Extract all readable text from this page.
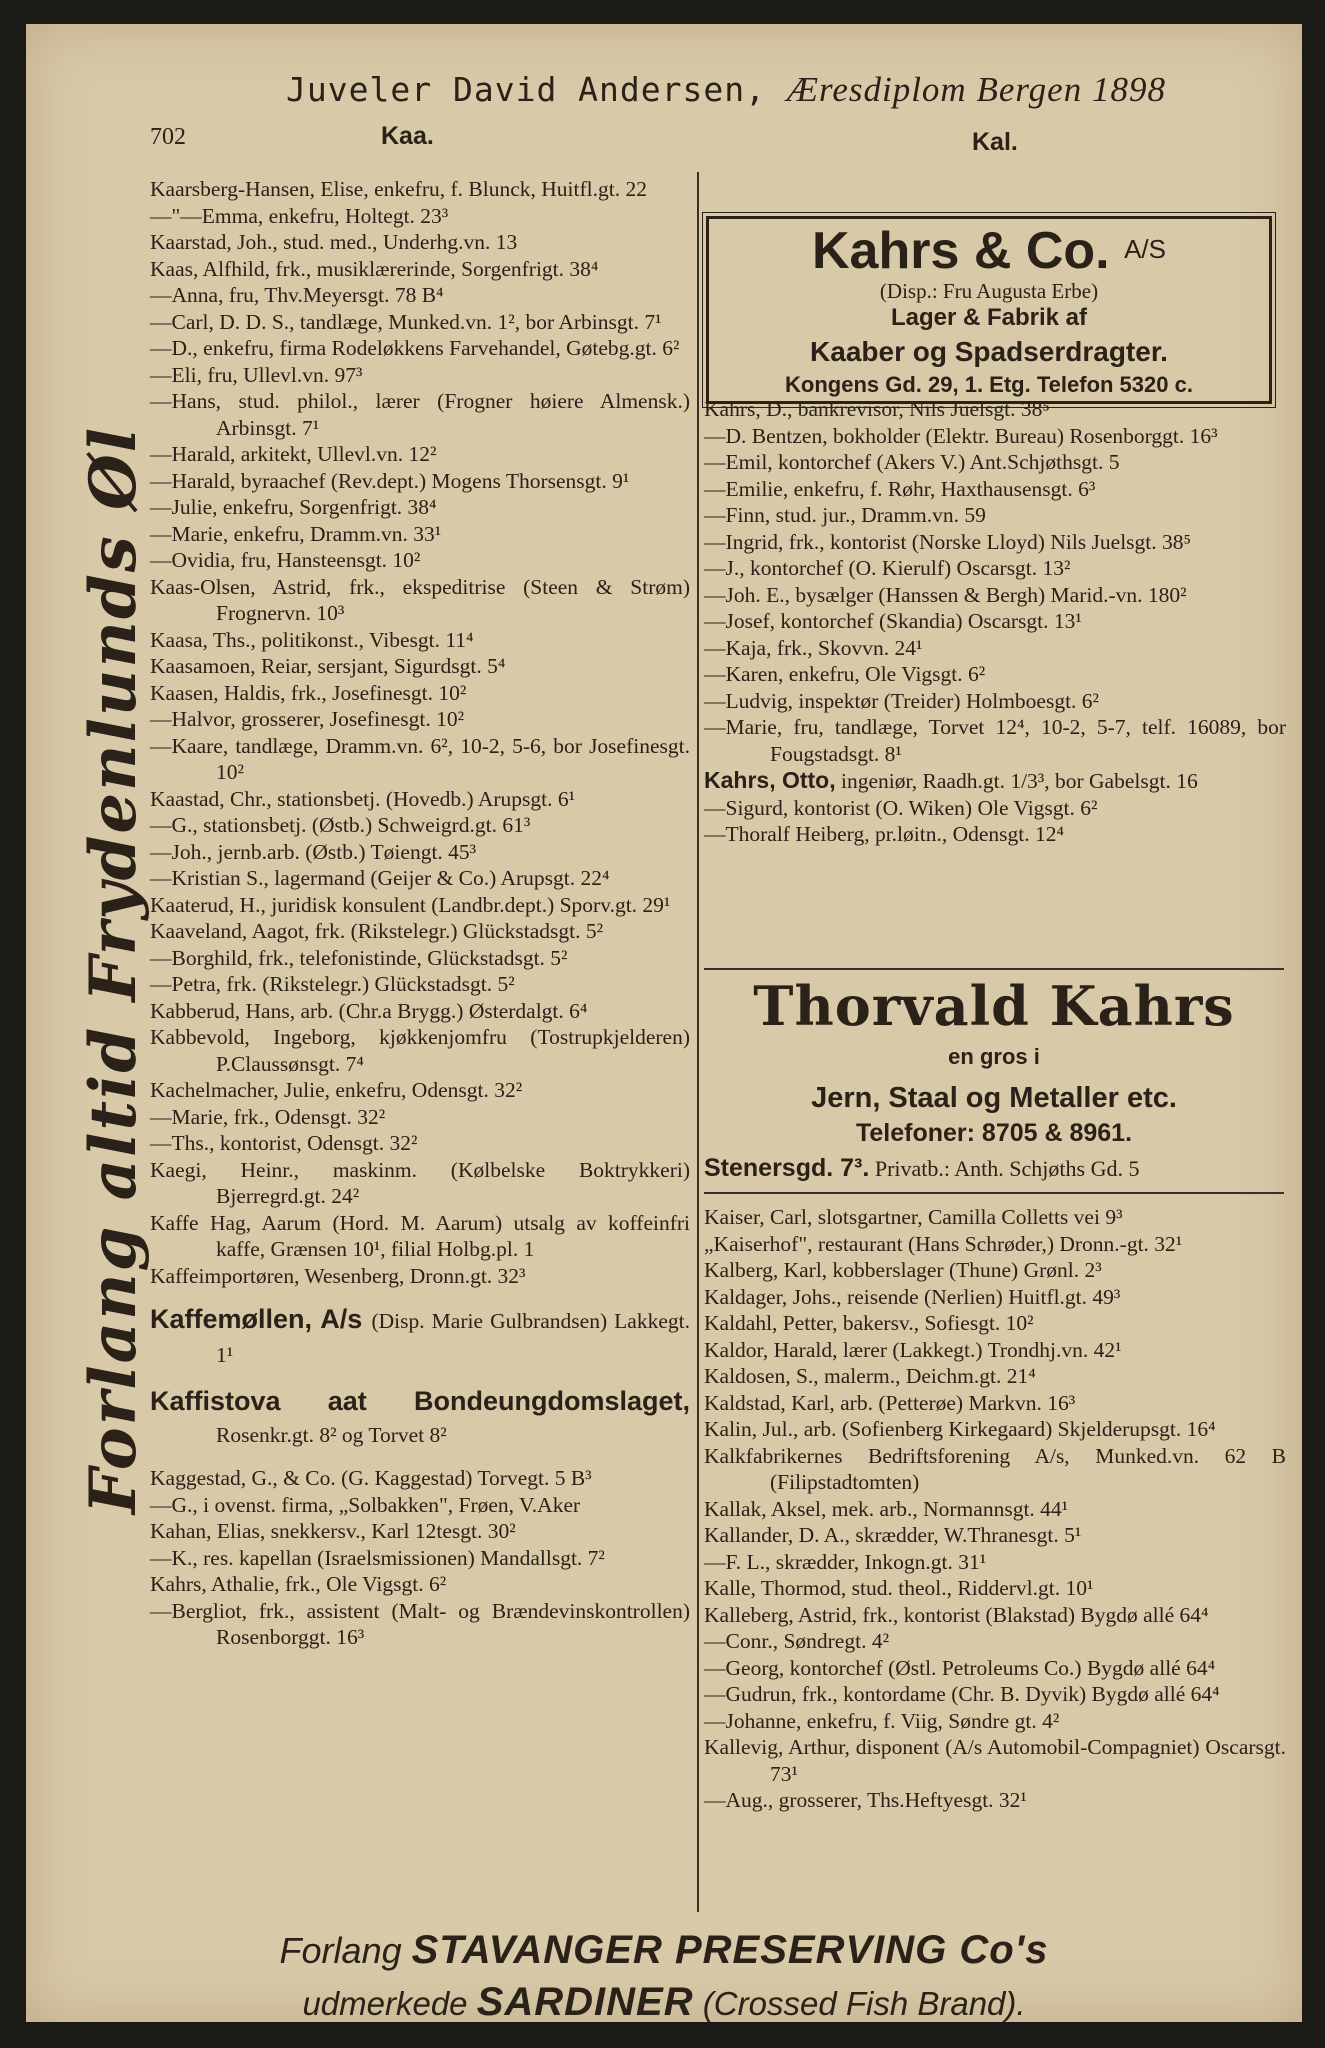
Juveler David Andersen, Æresdiplom Bergen 1898
702	Kaa.	Kal.
Forlang altid Frydenlunds Øl
Kaarsberg-Hansen, Elise, enkefru, f. Blunck, Huitfl.gt. 22
—"—Emma, enkefru, Holtegt. 23³
Kaarstad, Joh., stud. med., Underhg.vn. 13
Kaas, Alfhild, frk., musiklærerinde, Sorgenfrigt. 38⁴
—Anna, fru, Thv.Meyersgt. 78 B⁴
—Carl, D. D. S., tandlæge, Munked.vn. 1², bor Arbinsgt. 7¹
—D., enkefru, firma Rodeløkkens Farvehandel, Gøtebg.gt. 6²
—Eli, fru, Ullevl.vn. 97³
—Hans, stud. philol., lærer (Frogner høiere Almensk.) Arbinsgt. 7¹
—Harald, arkitekt, Ullevl.vn. 12²
—Harald, byraachef (Rev.dept.) Mogens Thorsensgt. 9¹
—Julie, enkefru, Sorgenfrigt. 38⁴
—Marie, enkefru, Dramm.vn. 33¹
—Ovidia, fru, Hansteensgt. 10²
Kaas-Olsen, Astrid, frk., ekspeditrise (Steen & Strøm) Frognervn. 10³
Kaasa, Ths., politikonst., Vibesgt. 11⁴
Kaasamoen, Reiar, sersjant, Sigurdsgt. 5⁴
Kaasen, Haldis, frk., Josefinesgt. 10²
—Halvor, grosserer, Josefinesgt. 10²
—Kaare, tandlæge, Dramm.vn. 6², 10-2, 5-6, bor Josefinesgt. 10²
Kaastad, Chr., stationsbetj. (Hovedb.) Arupsgt. 6¹
—G., stationsbetj. (Østb.) Schweigrd.gt. 61³
—Joh., jernb.arb. (Østb.) Tøiengt. 45³
—Kristian S., lagermand (Geijer & Co.) Arupsgt. 22⁴
Kaaterud, H., juridisk konsulent (Landbr.dept.) Sporv.gt. 29¹
Kaaveland, Aagot, frk. (Rikstelegr.) Glückstadsgt. 5²
—Borghild, frk., telefonistinde, Glückstadsgt. 5²
—Petra, frk. (Rikstelegr.) Glückstadsgt. 5²
Kabberud, Hans, arb. (Chr.a Brygg.) Østerdalgt. 6⁴
Kabbevold, Ingeborg, kjøkkenjomfru (Tostrupkjelderen) P.Claussønsgt. 7⁴
Kachelmacher, Julie, enkefru, Odensgt. 32²
—Marie, frk., Odensgt. 32²
—Ths., kontorist, Odensgt. 32²
Kaegi, Heinr., maskinm. (Kølbelske Boktrykkeri) Bjerregrd.gt. 24²
Kaffe Hag, Aarum (Hord. M. Aarum) utsalg av koffeinfri kaffe, Grænsen 10¹, filial Holbg.pl. 1
Kaffeimportøren, Wesenberg, Dronn.gt. 32³
Kaffemøllen, A/s (Disp. Marie Gulbrandsen) Lakkegt. 1¹
Kaffistova aat Bondeungdomslaget, Rosenkr.gt. 8² og Torvet 8²
Kaggestad, G., & Co. (G. Kaggestad) Torvegt. 5 B³
—G., i ovenst. firma, „Solbakken", Frøen, V.Aker
Kahan, Elias, snekkersv., Karl 12tesgt. 30²
—K., res. kapellan (Israelsmissionen) Mandallsgt. 7²
Kahrs, Athalie, frk., Ole Vigsgt. 6²
—Bergliot, frk., assistent (Malt- og Brændevinskontrollen) Rosenborggt. 16³
Kahrs & Co. A/S
(Disp.: Fru Augusta Erbe)
Lager & Fabrik af
Kaaber og Spadserdragter.
Kongens Gd. 29, 1. Etg. Telefon 5320 c.
Kahrs, D., bankrevisor, Nils Juelsgt. 38⁵
—D. Bentzen, bokholder (Elektr. Bureau) Rosenborggt. 16³
—Emil, kontorchef (Akers V.) Ant.Schjøthsgt. 5
—Emilie, enkefru, f. Røhr, Haxthausensgt. 6³
—Finn, stud. jur., Dramm.vn. 59
—Ingrid, frk., kontorist (Norske Lloyd) Nils Juelsgt. 38⁵
—J., kontorchef (O. Kierulf) Oscarsgt. 13²
—Joh. E., bysælger (Hanssen & Bergh) Marid.-vn. 180²
—Josef, kontorchef (Skandia) Oscarsgt. 13¹
—Kaja, frk., Skovvn. 24¹
—Karen, enkefru, Ole Vigsgt. 6²
—Ludvig, inspektør (Treider) Holmboesgt. 6²
—Marie, fru, tandlæge, Torvet 12⁴, 10-2, 5-7, telf. 16089, bor Fougstadsgt. 8¹
Kahrs, Otto, ingeniør, Raadh.gt. 1/3³, bor Gabelsgt. 16
—Sigurd, kontorist (O. Wiken) Ole Vigsgt. 6²
—Thoralf Heiberg, pr.løitn., Odensgt. 12⁴
Thorvald Kahrs
en gros i
Jern, Staal og Metaller etc.
Telefoner: 8705 & 8961.
Stenersgd. 7³. Privatb.: Anth. Schjøths Gd. 5
Kaiser, Carl, slotsgartner, Camilla Colletts vei 9³
„Kaiserhof", restaurant (Hans Schrøder,) Dronn.-gt. 32¹
Kalberg, Karl, kobberslager (Thune) Grønl. 2³
Kaldager, Johs., reisende (Nerlien) Huitfl.gt. 49³
Kaldahl, Petter, bakersv., Sofiesgt. 10²
Kaldor, Harald, lærer (Lakkegt.) Trondhj.vn. 42¹
Kaldosen, S., malerm., Deichm.gt. 21⁴
Kaldstad, Karl, arb. (Petterøe) Markvn. 16³
Kalin, Jul., arb. (Sofienberg Kirkegaard) Skjelderupsgt. 16⁴
Kalkfabrikernes Bedriftsforening A/s, Munked.vn. 62 B (Filipstadtomten)
Kallak, Aksel, mek. arb., Normannsgt. 44¹
Kallander, D. A., skrædder, W.Thranesgt. 5¹
—F. L., skrædder, Inkogn.gt. 31¹
Kalle, Thormod, stud. theol., Riddervl.gt. 10¹
Kalleberg, Astrid, frk., kontorist (Blakstad) Bygdø allé 64⁴
—Conr., Søndregt. 4²
—Georg, kontorchef (Østl. Petroleums Co.) Bygdø allé 64⁴
—Gudrun, frk., kontordame (Chr. B. Dyvik) Bygdø allé 64⁴
—Johanne, enkefru, f. Viig, Søndre gt. 4²
Kallevig, Arthur, disponent (A/s Automobil-Compagniet) Oscarsgt. 73¹
—Aug., grosserer, Ths.Heftyesgt. 32¹
Forlang STAVANGER PRESERVING Co's
udmerkede SARDINER (Crossed Fish Brand).
